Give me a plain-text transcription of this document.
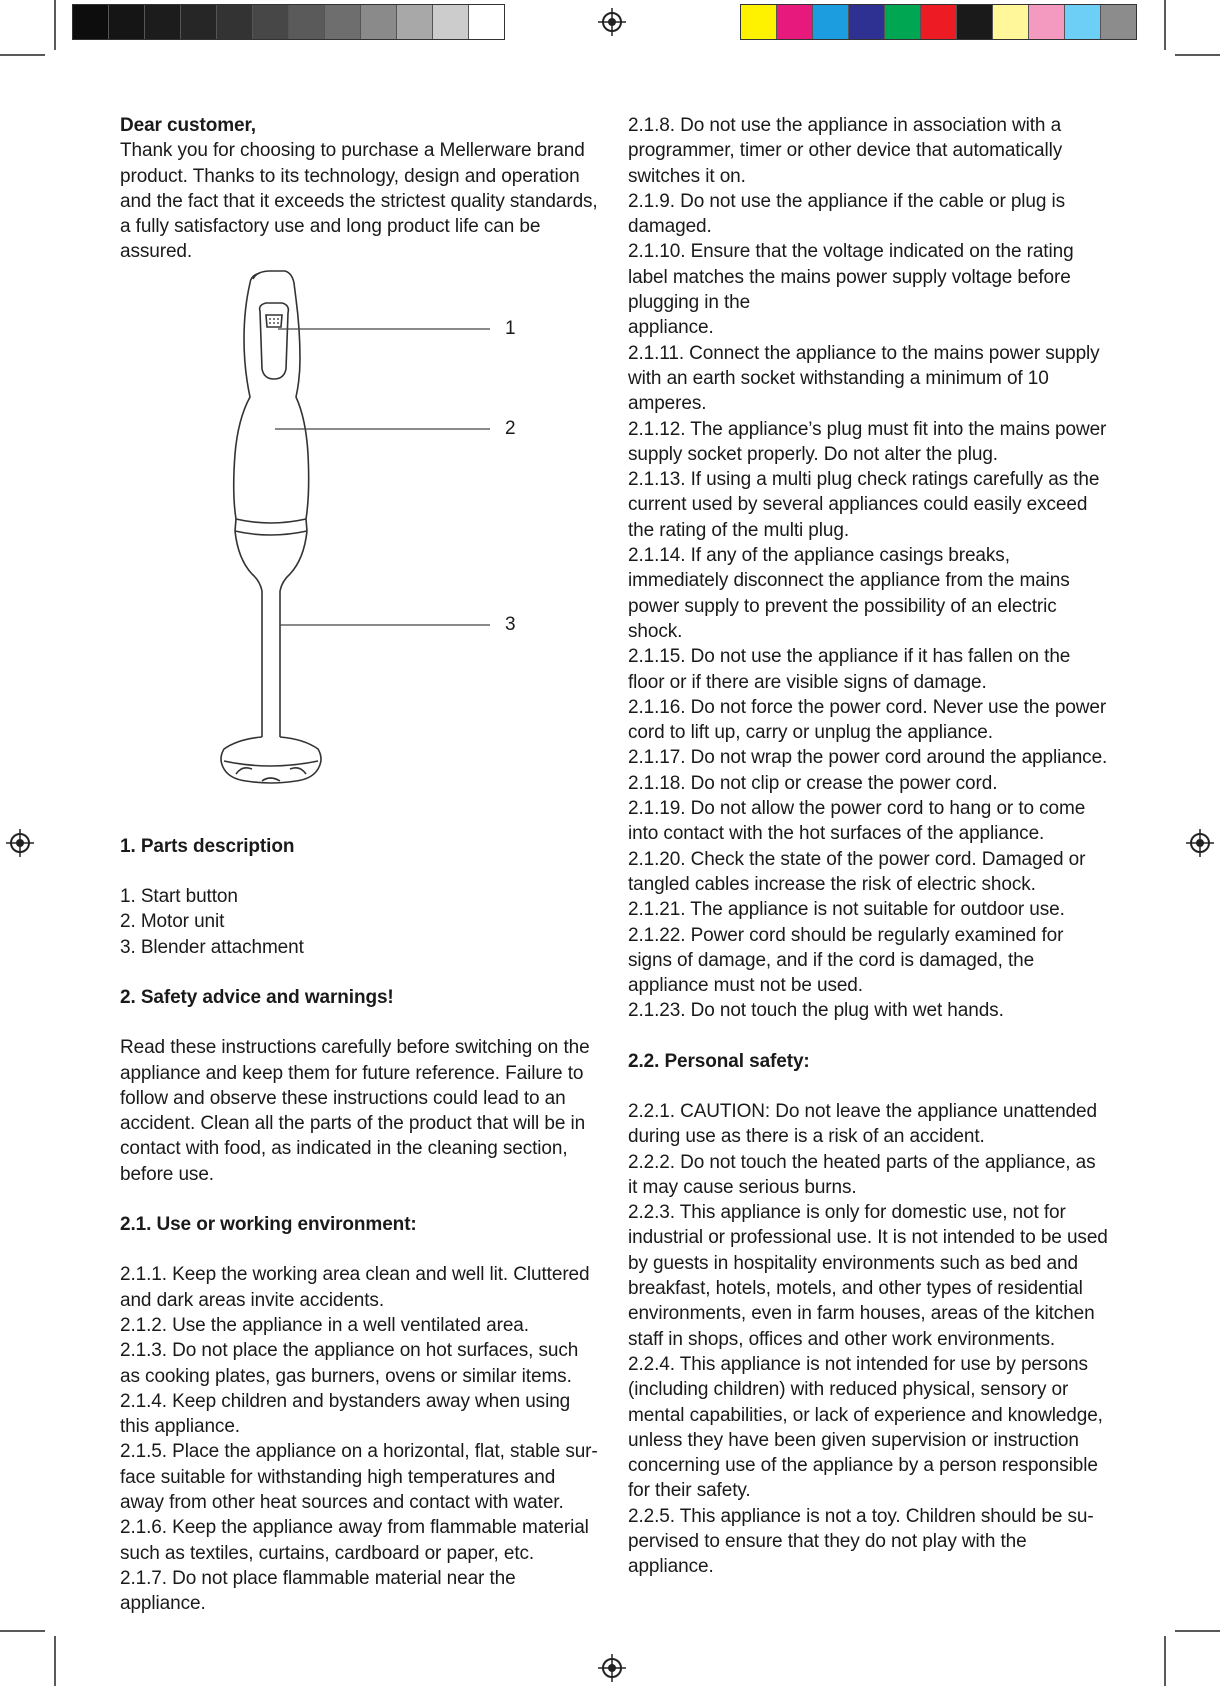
Dear customer,

Thank you for choosing to purchase a Mellerware brand product. Thanks to its technology, design and operation and the fact that it exceeds the strictest quality standards, a fully satisfactory use and long product life can be assured.

1
2
3

1. Parts description

1. Start button

2. Motor unit

3. Blender attachment

2. Safety advice and warnings!

Read these instructions carefully before switching on the appliance and keep them for future reference. Failure to follow and observe these instructions could lead to an accident. Clean all the parts of the product that will be in contact with food, as indicated in the cleaning section, before use.

2.1. Use or working environment:

2.1.1. Keep the working area clean and well lit. Cluttered and dark areas invite accidents.

2.1.2. Use the appliance in a well ventilated area.

2.1.3. Do not place the appliance on hot surfaces, such as cooking plates, gas burners, ovens or similar items.

2.1.4. Keep children and bystanders away when using this appliance.

2.1.5. Place the appliance on a horizontal, flat, stable sur-face suitable for withstanding high temperatures and away from other heat sources and contact with water.

2.1.6. Keep the appliance away from flammable material such as textiles, curtains, cardboard or paper, etc.

2.1.7. Do not place flammable material near the appliance.

2.1.8. Do not use the appliance in association with a programmer, timer or other device that automatically switches it on.

2.1.9. Do not use the appliance if the cable or plug is damaged.

2.1.10. Ensure that the voltage indicated on the rating label matches the mains power supply voltage before plugging in the

appliance.

2.1.11. Connect the appliance to the mains power supply with an earth socket withstanding a minimum of 10 amperes.

2.1.12. The appliance’s plug must fit into the mains power supply socket properly. Do not alter the plug.

2.1.13. If using a multi plug check ratings carefully as the current used by several appliances could easily exceed the rating of the multi plug.

2.1.14. If any of the appliance casings breaks, immediately disconnect the appliance from the mains power supply to prevent the possibility of an electric shock.

2.1.15. Do not use the appliance if it has fallen on the floor or if there are visible signs of damage.

2.1.16. Do not force the power cord. Never use the power cord to lift up, carry or unplug the appliance.

2.1.17. Do not wrap the power cord around the appliance.

2.1.18. Do not clip or crease the power cord.

2.1.19. Do not allow the power cord to hang or to come into contact with the hot surfaces of the appliance.

2.1.20. Check the state of the power cord. Damaged or tangled cables increase the risk of electric shock.

2.1.21. The appliance is not suitable for outdoor use.

2.1.22. Power cord should be regularly examined for signs of damage, and if the cord is damaged, the appliance must not be used.

2.1.23. Do not touch the plug with wet hands.

2.2. Personal safety:

2.2.1. CAUTION: Do not leave the appliance unattended during use as there is a risk of an accident.

2.2.2. Do not touch the heated parts of the appliance, as it may cause serious burns.

2.2.3. This appliance is only for domestic use, not for industrial or professional use. It is not intended to be used by guests in hospitality environments such as bed and breakfast, hotels, motels, and other types of residential environments, even in farm houses, areas of the kitchen staff in shops, offices and other work environments.

2.2.4. This appliance is not intended for use by persons (including children) with reduced physical, sensory or mental capabilities, or lack of experience and knowledge, unless they have been given supervision or instruction concerning use of the appliance by a person responsible for their safety.

2.2.5. This appliance is not a toy. Children should be su-pervised to ensure that they do not play with the appliance.
